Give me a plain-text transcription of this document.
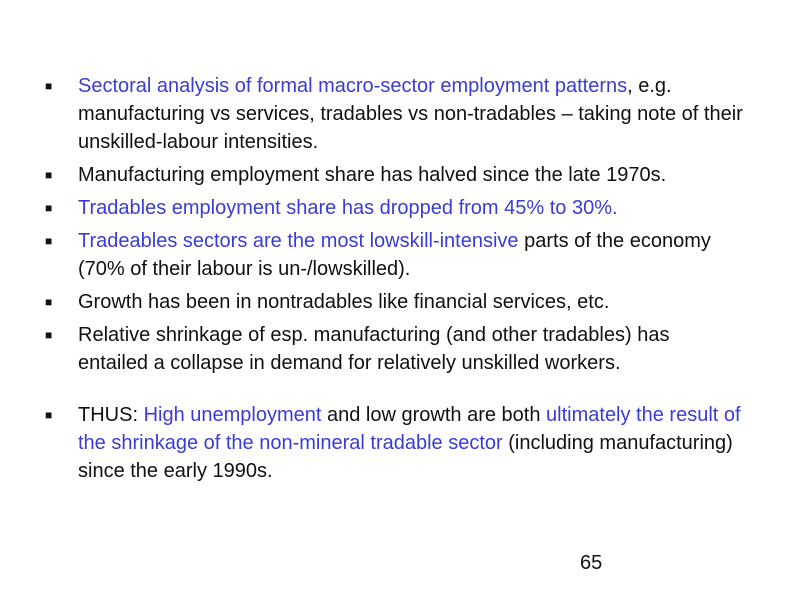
■ Sectoral analysis of formal macro-sector employment patterns, e.g. manufacturing vs services, tradables vs non-tradables – taking note of their unskilled-labour intensities.
■ Manufacturing employment share has halved since the late 1970s.
■ Tradables employment share has dropped from 45% to 30%.
■ Tradeables sectors are the most lowskill-intensive parts of the economy (70% of their labour is un-/lowskilled).
■ Growth has been in nontradables like financial services, etc.
■ Relative shrinkage of esp. manufacturing (and other tradables) has entailed a collapse in demand for relatively unskilled workers.
■ THUS: High unemployment and low growth are both ultimately the result of the shrinkage of the non-mineral tradable sector (including manufacturing) since the early 1990s.
65
